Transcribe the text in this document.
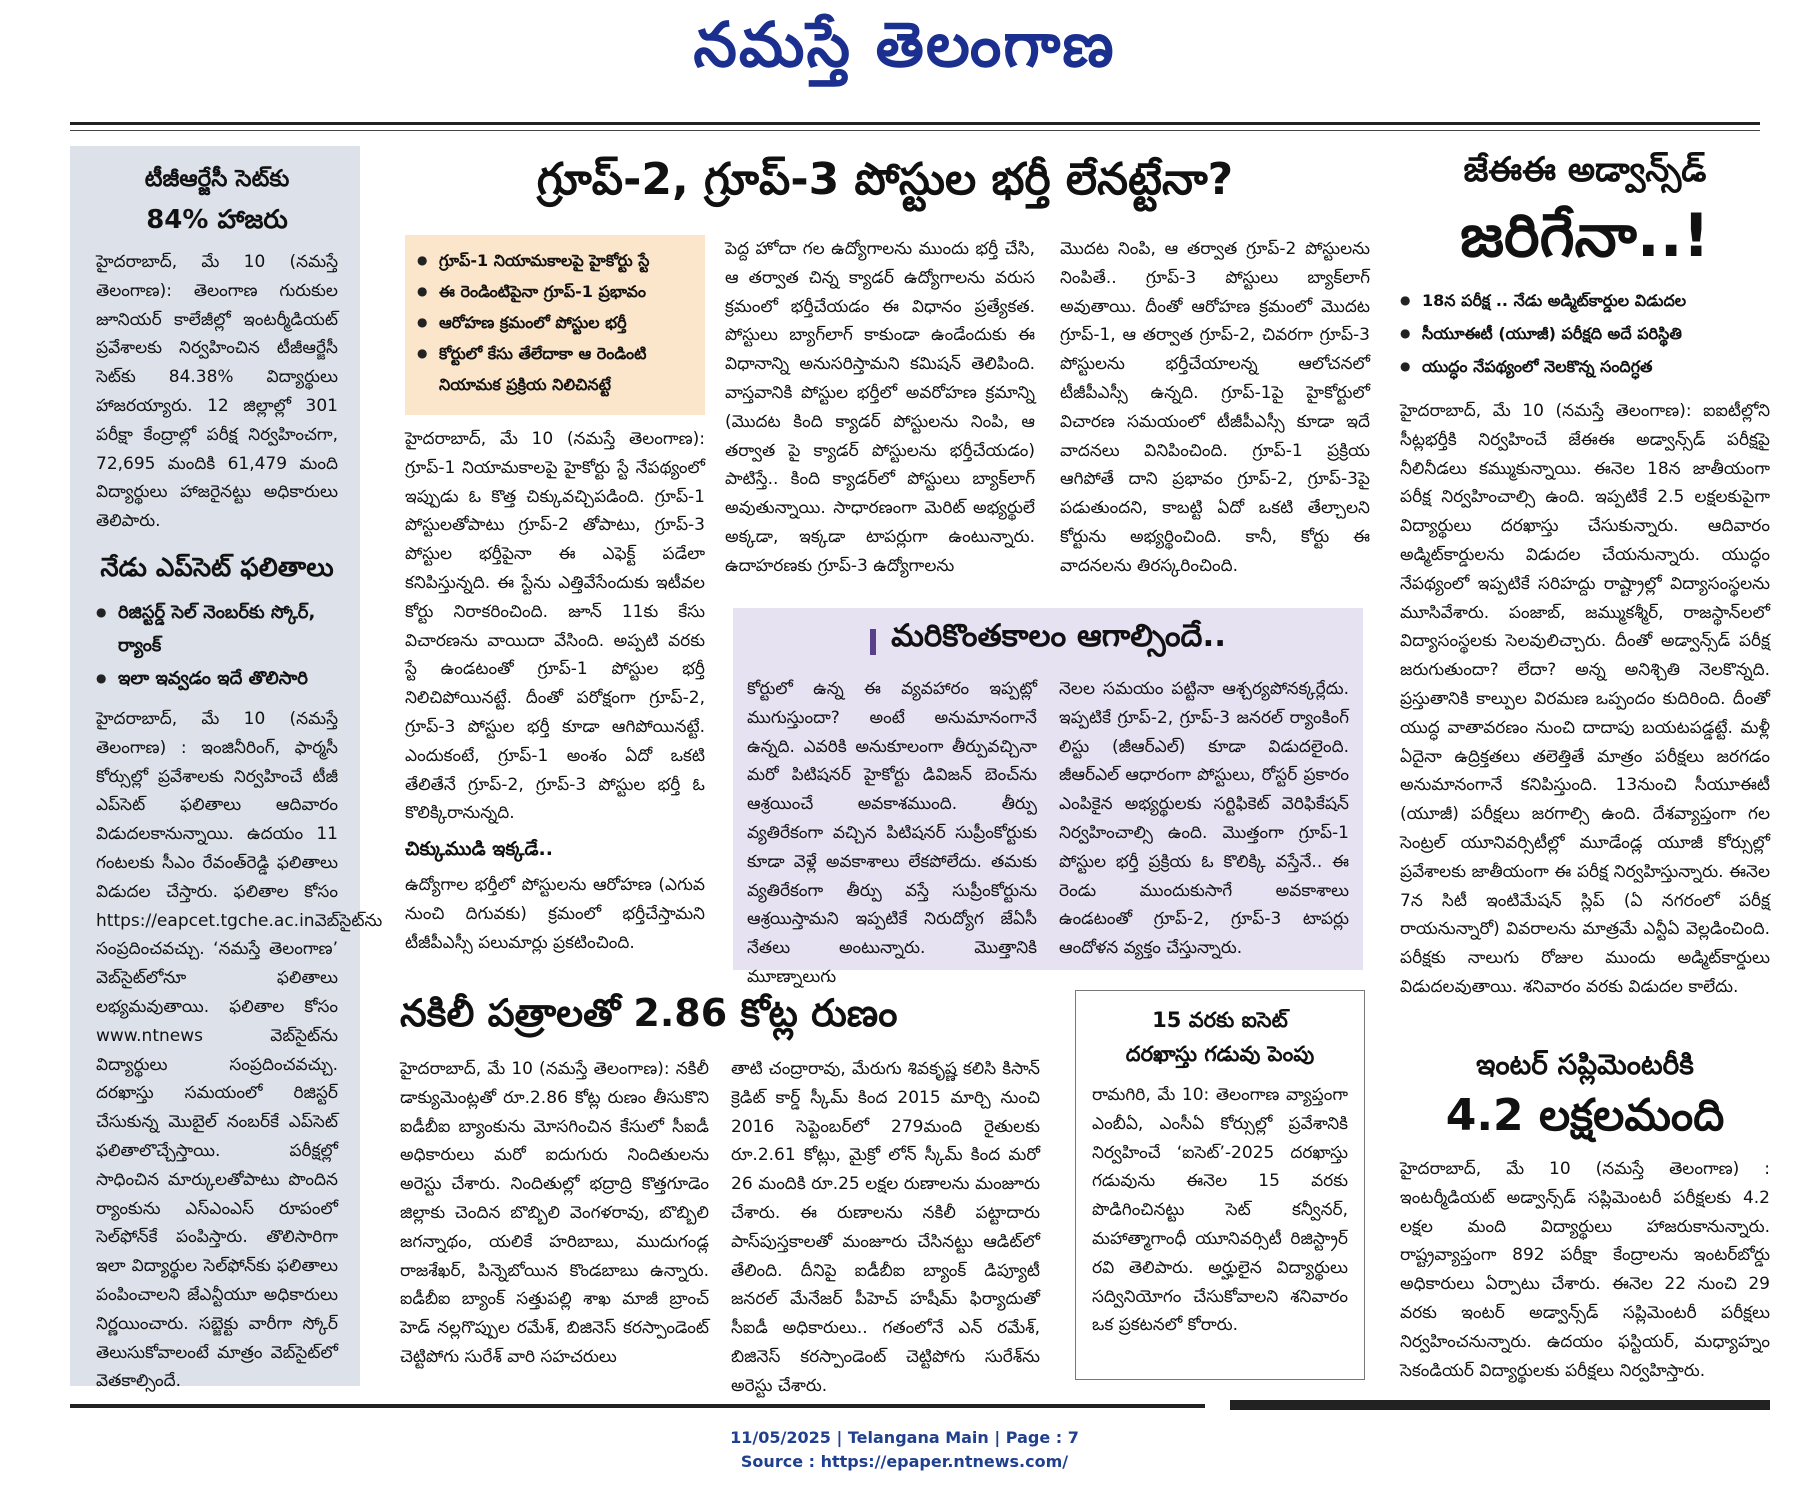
నమస్తే తెలంగాణ
టీజీఆర్జేసీ సెట్‌కు
84% హాజరు

హైదరాబాద్, మే 10 (నమస్తే తెలంగాణ): తెలంగాణ గురుకుల జూనియర్ కాలేజీల్లో ఇంటర్మీడియట్ ప్రవేశాలకు నిర్వహించిన టీజీఆర్జేసీ సెట్‌కు 84.38% విద్యార్థులు హాజరయ్యారు. 12 జిల్లాల్లో 301 పరీక్షా కేంద్రాల్లో పరీక్ష నిర్వహించగా, 72,695 మందికి 61,479 మంది విద్యార్థులు హాజరైనట్టు అధికారులు తెలిపారు.

నేడు ఎప్‌సెట్ ఫలితాలు
● రిజిస్టర్డ్ సెల్ నెంబర్‌కు స్కోర్, ర్యాంక్
● ఇలా ఇవ్వడం ఇదే తొలిసారి

హైదరాబాద్, మే 10 (నమస్తే తెలంగాణ) : ఇంజినీరింగ్, ఫార్మసీ కోర్సుల్లో ప్రవేశాలకు నిర్వహించే టీజీ ఎప్‌సెట్ ఫలితాలు ఆదివారం విడుదలకానున్నాయి. ఉదయం 11 గంటలకు సీఎం రేవంత్‌రెడ్డి ఫలితాలు విడుదల చేస్తారు. ఫలితాల కోసం https://eapcet.tgche.ac.inవెబ్‌సైట్‌ను సంప్రదించవచ్చు. ‘నమస్తే తెలంగాణ’ వెబ్‌సైట్‌లోనూ ఫలితాలు లభ్యమవుతాయి. ఫలితాల కోసం www.ntnews వెబ్‌సైట్‌ను విద్యార్థులు సంప్రదించవచ్చు. దరఖాస్తు సమయంలో రిజిస్టర్ చేసుకున్న మొబైల్ నంబర్‌కే ఎప్‌సెట్ ఫలితాలొచ్చేస్తాయి. పరీక్షల్లో సాధించిన మార్కులతోపాటు పొందిన ర్యాంకును ఎస్‌ఎంఎస్ రూపంలో సెల్‌ఫోన్‌కే పంపిస్తారు. తొలిసారిగా ఇలా విద్యార్థుల సెల్‌ఫోన్‌కు ఫలితాలు పంపించాలని జేఎన్టీయూ అధికారులు నిర్ణయించారు. సబ్జెక్టు వారీగా స్కోర్ తెలుసుకోవాలంటే మాత్రం వెబ్‌సైట్‌లో వెతకాల్సిందే.

గ్రూప్-2, గ్రూప్-3 పోస్టుల భర్తీ లేనట్టేనా?
● గ్రూప్-1 నియామకాలపై హైకోర్టు స్టే
● ఈ రెండింటిపైనా గ్రూప్-1 ప్రభావం
● ఆరోహణ క్రమంలో పోస్టుల భర్తీ
● కోర్టులో కేసు తేలేదాకా ఆ రెండింటి నియామక ప్రక్రియ నిలిచినట్టే

హైదరాబాద్, మే 10 (నమస్తే తెలంగాణ): గ్రూప్-1 నియామకాలపై హైకోర్టు స్టే నేపథ్యంలో ఇప్పుడు ఓ కొత్త చిక్కువచ్చిపడింది. గ్రూప్-1 పోస్టులతోపాటు గ్రూప్-2 తోపాటు, గ్రూప్-3 పోస్టుల భర్తీపైనా ఈ ఎఫెక్ట్ పడేలా కనిపిస్తున్నది. ఈ స్టేను ఎత్తివేసేందుకు ఇటీవల కోర్టు నిరాకరించింది. జూన్ 11కు కేసు విచారణను వాయిదా వేసింది. అప్పటి వరకు స్టే ఉండటంతో గ్రూప్-1 పోస్టుల భర్తీ నిలిచిపోయినట్టే. దీంతో పరోక్షంగా గ్రూప్-2, గ్రూప్-3 పోస్టుల భర్తీ కూడా ఆగిపోయినట్టే. ఎందుకంటే, గ్రూప్-1 అంశం ఏదో ఒకటి తేలితేనే గ్రూప్-2, గ్రూప్-3 పోస్టుల భర్తీ ఓ కొలిక్కిరానున్నది.

చిక్కుముడి ఇక్కడే..

ఉద్యోగాల భర్తీలో పోస్టులను ఆరోహణ (ఎగువ నుంచి దిగువకు) క్రమంలో భర్తీచేస్తామని టీజీపీఎస్సీ పలుమార్లు ప్రకటించింది.

పెద్ద హోదా గల ఉద్యోగాలను ముందు భర్తీ చేసి, ఆ తర్వాత చిన్న క్యాడర్ ఉద్యోగాలను వరుస క్రమంలో భర్తీచేయడం ఈ విధానం ప్రత్యేకత. పోస్టులు బ్యాగ్‌లాగ్ కాకుండా ఉండేందుకు ఈ విధానాన్ని అనుసరిస్తామని కమిషన్ తెలిపింది. వాస్తవానికి పోస్టుల భర్తీలో అవరోహణ క్రమాన్ని (మొదట కింది క్యాడర్ పోస్టులను నింపి, ఆ తర్వాత పై క్యాడర్ పోస్టులను భర్తీచేయడం) పాటిస్తే.. కింది క్యాడర్‌లో పోస్టులు బ్యాక్‌లాగ్ అవుతున్నాయి. సాధారణంగా మెరిట్ అభ్యర్థులే అక్కడా, ఇక్కడా టాపర్లుగా ఉంటున్నారు. ఉదాహరణకు గ్రూప్-3 ఉద్యోగాలను

మొదట నింపి, ఆ తర్వాత గ్రూప్-2 పోస్టులను నింపితే.. గ్రూప్-3 పోస్టులు బ్యాక్‌లాగ్ అవుతాయి. దీంతో ఆరోహణ క్రమంలో మొదట గ్రూప్-1, ఆ తర్వాత గ్రూప్-2, చివరగా గ్రూప్-3 పోస్టులను భర్తీచేయాలన్న ఆలోచనలో టీజీపీఎస్సీ ఉన్నది. గ్రూప్-1పై హైకోర్టులో విచారణ సమయంలో టీజీపీఎస్సీ కూడా ఇదే వాదనలు వినిపించింది. గ్రూప్-1 ప్రక్రియ ఆగిపోతే దాని ప్రభావం గ్రూప్-2, గ్రూప్-3పై పడుతుందని, కాబట్టి ఏదో ఒకటి తేల్చాలని కోర్టును అభ్యర్థించింది. కానీ, కోర్టు ఈ వాదనలను తిరస్కరించింది.

మరికొంతకాలం ఆగాల్సిందే..

కోర్టులో ఉన్న ఈ వ్యవహారం ఇప్పట్లో ముగుస్తుందా? అంటే అనుమానంగానే ఉన్నది. ఎవరికి అనుకూలంగా తీర్పువచ్చినా మరో పిటిషనర్ హైకోర్టు డివిజన్ బెంచ్‌ను ఆశ్రయించే అవకాశముంది. తీర్పు వ్యతిరేకంగా వచ్చిన పిటిషనర్ సుప్రీంకోర్టుకు కూడా వెళ్లే అవకాశాలు లేకపోలేదు. తమకు వ్యతిరేకంగా తీర్పు వస్తే సుప్రీంకోర్టును ఆశ్రయిస్తామని ఇప్పటికే నిరుద్యోగ జేఏసీ నేతలు అంటున్నారు. మొత్తానికి మూణ్నాలుగు

నెలల సమయం పట్టినా ఆశ్చర్యపోనక్కర్లేదు. ఇప్పటికే గ్రూప్-2, గ్రూప్-3 జనరల్ ర్యాంకింగ్ లిస్టు (జీఆర్‌ఎల్) కూడా విడుదలైంది. జీఆర్‌ఎల్ ఆధారంగా పోస్టులు, రోస్టర్ ప్రకారం ఎంపికైన అభ్యర్థులకు సర్టిఫికెట్ వెరిఫికేషన్ నిర్వహించాల్సి ఉంది. మొత్తంగా గ్రూప్-1 పోస్టుల భర్తీ ప్రక్రియ ఓ కొలిక్కి వస్తేనే.. ఈ రెండు ముందుకుసాగే అవకాశాలు ఉండటంతో గ్రూప్-2, గ్రూప్-3 టాపర్లు ఆందోళన వ్యక్తం చేస్తున్నారు.

నకిలీ పత్రాలతో 2.86 కోట్ల రుణం

హైదరాబాద్, మే 10 (నమస్తే తెలంగాణ): నకిలీ డాక్యుమెంట్లతో రూ.2.86 కోట్ల రుణం తీసుకొని ఐడీబీఐ బ్యాంకును మోసగించిన కేసులో సీఐడీ అధికారులు మరో ఐదుగురు నిందితులను అరెస్టు చేశారు. నిందితుల్లో భద్రాద్రి కొత్తగూడెం జిల్లాకు చెందిన బొబ్బిలి వెంగళరావు, బొబ్బిలి జగన్నాథం, యలికే హరిబాబు, ముదుగండ్ల రాజశేఖర్, పిన్నెబోయిన కొండబాబు ఉన్నారు. ఐడీబీఐ బ్యాంక్ సత్తుపల్లి శాఖ మాజీ బ్రాంచ్ హెడ్ నల్లగొప్పుల రమేశ్, బిజినెస్ కరస్పాండెంట్ చెట్టిపోగు సురేశ్ వారి సహచరులు

తాటి చంద్రారావు, మేరుగు శివకృష్ణ కలిసి కిసాన్ క్రెడిట్ కార్డ్ స్కీమ్ కింద 2015 మార్చి నుంచి 2016 సెప్టెంబర్‌లో 279మంది రైతులకు రూ.2.61 కోట్లు, మైక్రో లోన్ స్కీమ్ కింద మరో 26 మందికి రూ.25 లక్షల రుణాలను మంజూరు చేశారు. ఈ రుణాలను నకిలీ పట్టాదారు పాస్‌పుస్తకాలతో మంజూరు చేసినట్టు ఆడిట్‌లో తేలింది. దీనిపై ఐడీబీఐ బ్యాంక్ డిప్యూటీ జనరల్ మేనేజర్ పీహెచ్ హషీమ్ ఫిర్యాదుతో సీఐడీ అధికారులు.. గతంలోనే ఎన్ రమేశ్, బిజినెస్ కరస్పాండెంట్ చెట్టిపోగు సురేశ్‌ను అరెస్టు చేశారు.

15 వరకు ఐసెట్
దరఖాస్తు గడువు పెంపు

రామగిరి, మే 10: తెలంగాణ వ్యాప్తంగా ఎంబీఏ, ఎంసీఏ కోర్సుల్లో ప్రవేశానికి నిర్వహించే ‘ఐసెట్’-2025 దరఖాస్తు గడువును ఈనెల 15 వరకు పొడిగించినట్టు సెట్ కన్వీనర్, మహాత్మాగాంధీ యూనివర్సిటీ రిజిస్ట్రార్ రవి తెలిపారు. అర్హులైన విద్యార్థులు సద్వినియోగం చేసుకోవాలని శనివారం ఒక ప్రకటనలో కోరారు.

జేఈఈ అడ్వాన్స్‌డ్
జరిగేనా..!
● 18న పరీక్ష .. నేడు అడ్మిట్‌కార్డుల విడుదల
● సీయూఈటీ (యూజీ) పరీక్షది అదే పరిస్థితి
● యుద్ధం నేపథ్యంలో నెలకొన్న సందిగ్ధత

హైదరాబాద్, మే 10 (నమస్తే తెలంగాణ): ఐఐటీల్లోని సీట్లభర్తీకి నిర్వహించే జేఈఈ అడ్వాన్స్‌డ్ పరీక్షపై నీలినీడలు కమ్ముకున్నాయి. ఈనెల 18న జాతీయంగా పరీక్ష నిర్వహించాల్సి ఉంది. ఇప్పటికే 2.5 లక్షలకుపైగా విద్యార్థులు దరఖాస్తు చేసుకున్నారు. ఆదివారం అడ్మిట్‌కార్డులను విడుదల చేయనున్నారు. యుద్ధం నేపథ్యంలో ఇప్పటికే సరిహద్దు రాష్ట్రాల్లో విద్యాసంస్థలను మూసివేశారు. పంజాబ్, జమ్ముకశ్మీర్, రాజస్థాన్‌లలో విద్యాసంస్థలకు సెలవులిచ్చారు. దీంతో అడ్వాన్స్‌డ్ పరీక్ష జరుగుతుందా? లేదా? అన్న అనిశ్చితి నెలకొన్నది. ప్రస్తుతానికి కాల్పుల విరమణ ఒప్పందం కుదిరింది. దీంతో యుద్ధ వాతావరణం నుంచి దాదాపు బయటపడ్డట్టే. మళ్లీ ఏదైనా ఉద్రిక్తతలు తలెత్తితే మాత్రం పరీక్షలు జరగడం అనుమానంగానే కనిపిస్తుంది. 13నుంచి సీయూఈటీ (యూజీ) పరీక్షలు జరగాల్సి ఉంది. దేశవ్యాప్తంగా గల సెంట్రల్ యూనివర్సిటీల్లో మూడేండ్ల యూజీ కోర్సుల్లో ప్రవేశాలకు జాతీయంగా ఈ పరీక్ష నిర్వహిస్తున్నారు. ఈనెల 7న సిటీ ఇంటిమేషన్ స్లిప్ (ఏ నగరంలో పరీక్ష రాయనున్నారో) వివరాలను మాత్రమే ఎన్టీఏ వెల్లడించింది. పరీక్షకు నాలుగు రోజుల ముందు అడ్మిట్‌కార్డులు విడుదలవుతాయి. శనివారం వరకు విడుదల కాలేదు.

ఇంటర్ సప్లిమెంటరీకి
4.2 లక్షలమంది

హైదరాబాద్, మే 10 (నమస్తే తెలంగాణ) : ఇంటర్మీడియట్ అడ్వాన్స్‌డ్ సప్లిమెంటరీ పరీక్షలకు 4.2 లక్షల మంది విద్యార్థులు హాజరుకానున్నారు. రాష్ట్రవ్యాప్తంగా 892 పరీక్షా కేంద్రాలను ఇంటర్‌బోర్డు అధికారులు ఏర్పాటు చేశారు. ఈనెల 22 నుంచి 29 వరకు ఇంటర్ అడ్వాన్స్‌డ్ సప్లిమెంటరీ పరీక్షలు నిర్వహించనున్నారు. ఉదయం ఫస్టియర్, మధ్యాహ్నం సెకండియర్ విద్యార్థులకు పరీక్షలు నిర్వహిస్తారు.

11/05/2025 | Telangana Main | Page : 7
Source : https://epaper.ntnews.com/
